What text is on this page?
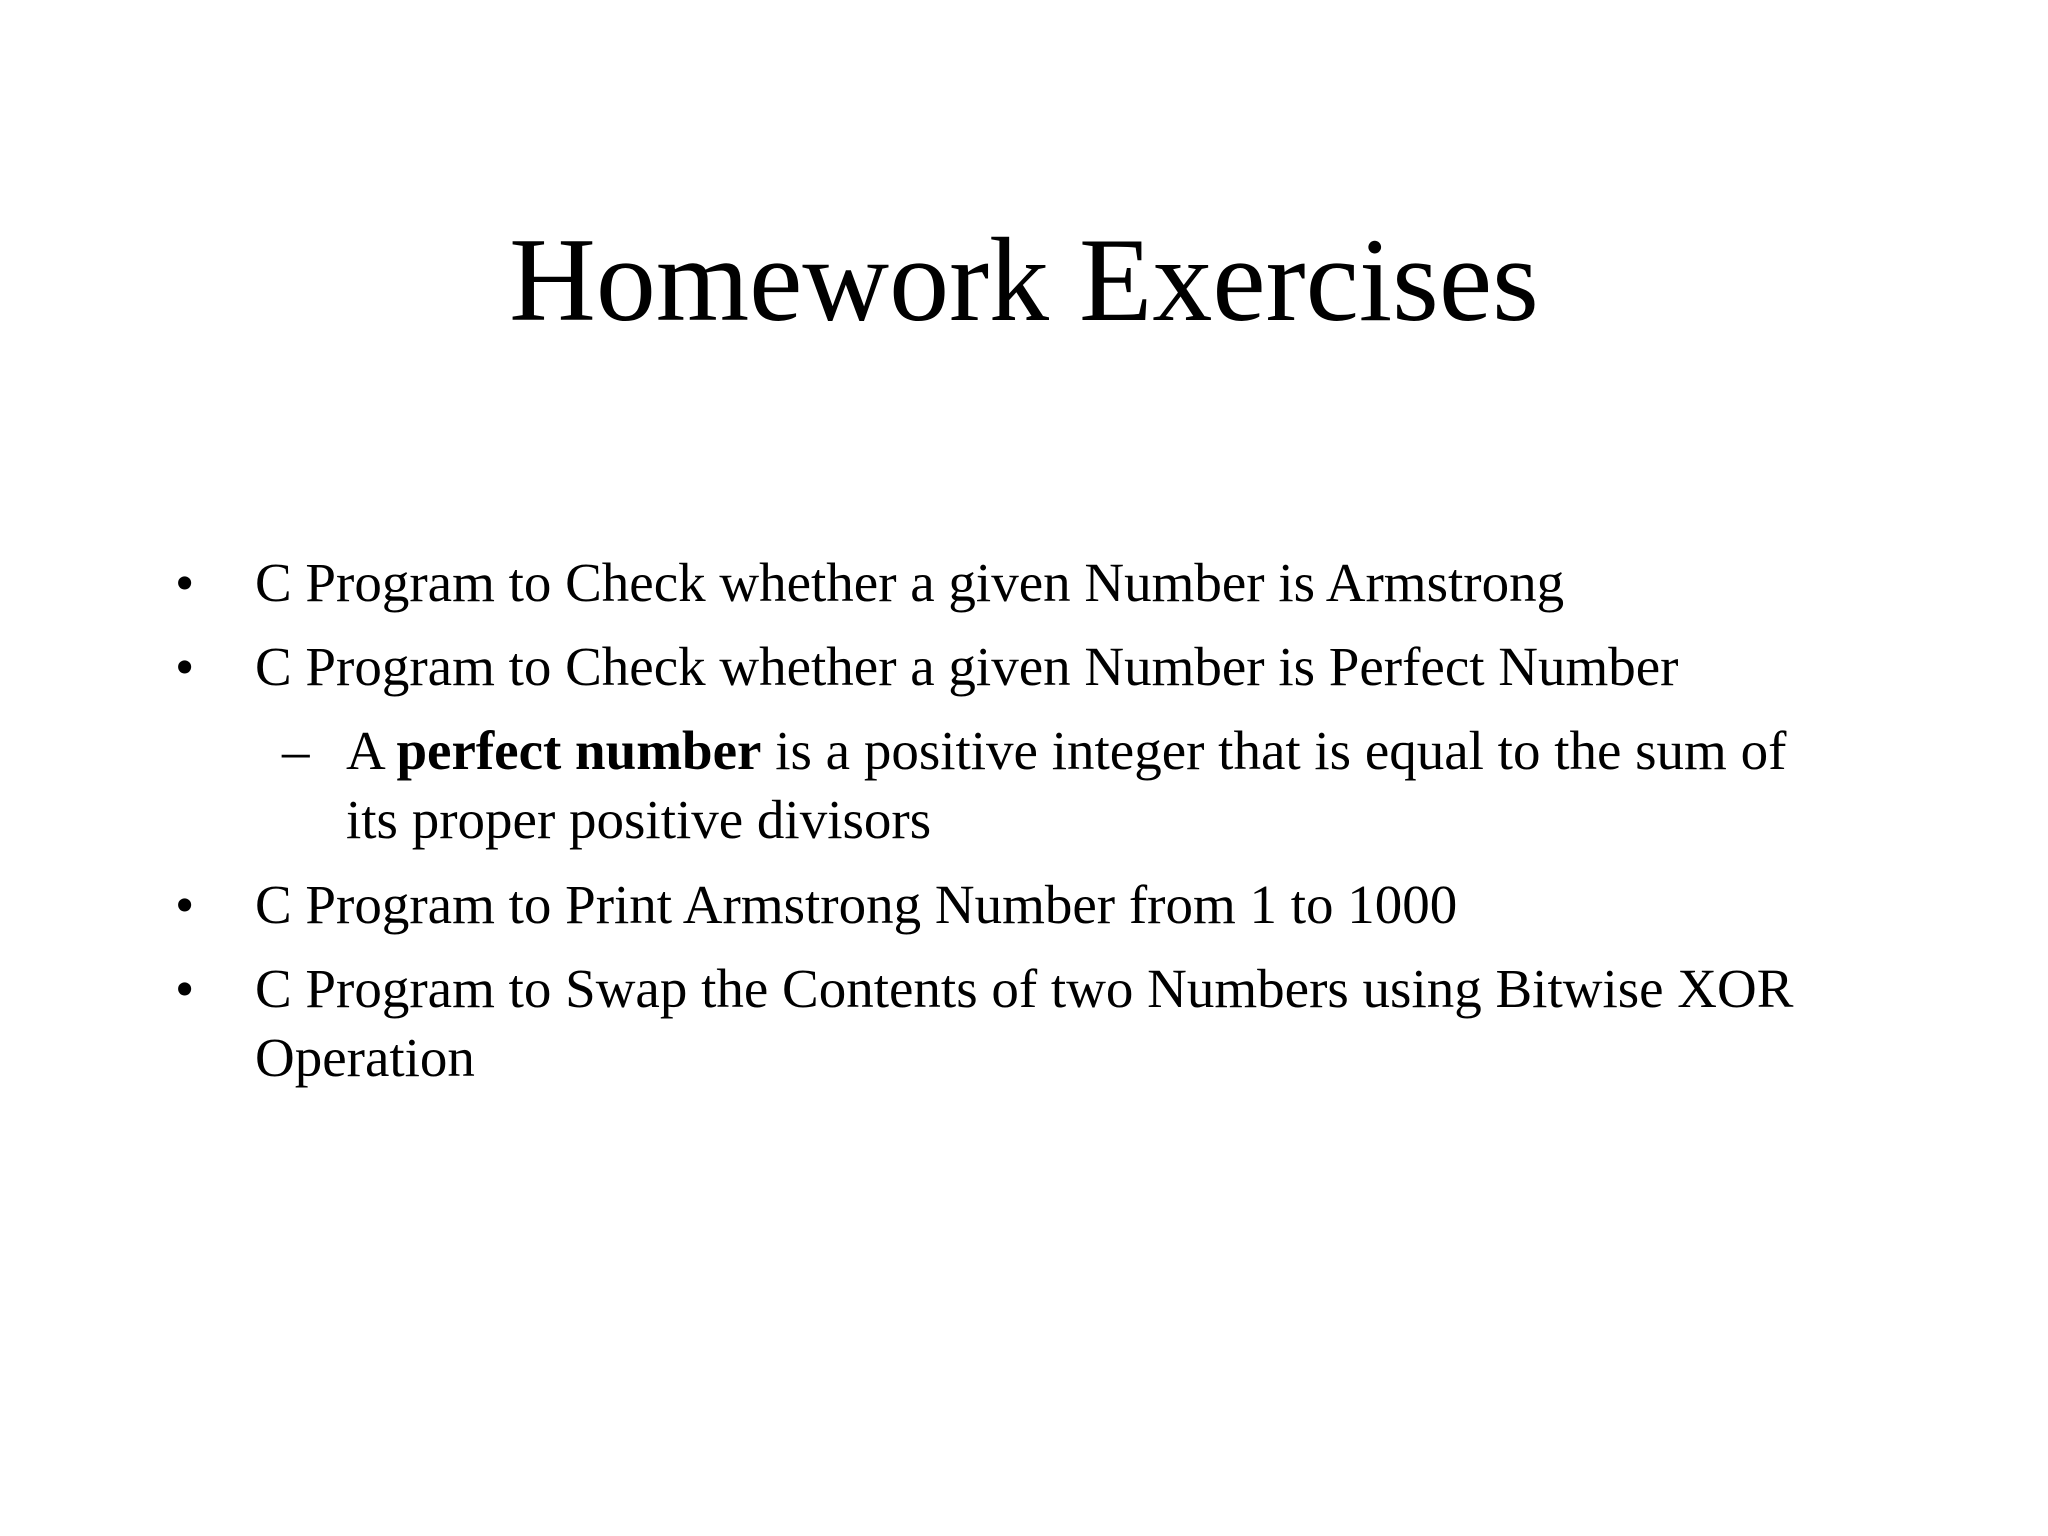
Homework Exercises
• C Program to Check whether a given Number is Armstrong
• C Program to Check whether a given Number is Perfect Number
– A perfect number is a positive integer that is equal to the sum of
its proper positive divisors
• C Program to Print Armstrong Number from 1 to 1000
• C Program to Swap the Contents of two Numbers using Bitwise XOR
Operation
